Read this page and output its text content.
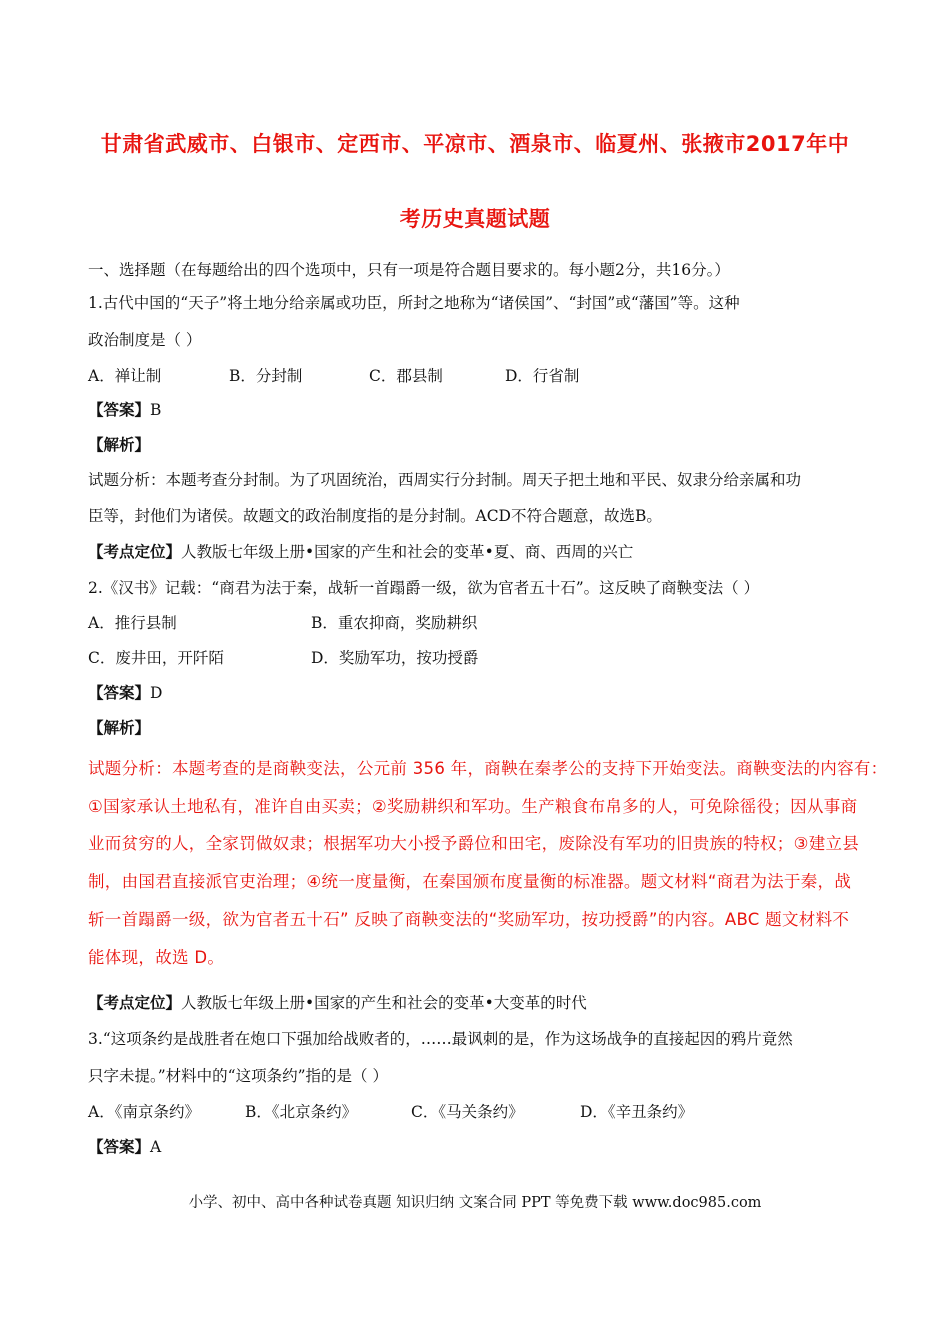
甘肃省武威市、白银市、定西市、平凉市、酒泉市、临夏州、张掖市2017年中
考历史真题试题
一、选择题（在每题给出的四个选项中，只有一项是符合题目要求的。每小题2分，共16分。）
1.古代中国的“天子”将土地分给亲属或功臣，所封之地称为“诸侯国”、“封国”或“藩国”等。这种
政治制度是（ ）
A．禅让制	B．分封制	C．郡县制	D．行省制
【答案】B
【解析】
试题分析：本题考查分封制。为了巩固统治，西周实行分封制。周天子把土地和平民、奴隶分给亲属和功
臣等，封他们为诸侯。故题文的政治制度指的是分封制。ACD不符合题意，故选B。
【考点定位】人教版七年级上册•国家的产生和社会的变革•夏、商、西周的兴亡
2.《汉书》记载：“商君为法于秦，战斩一首蹋爵一级，欲为官者五十石”。这反映了商鞅变法（ ）
A．推行县制	B．重农抑商，奖励耕织
C．废井田，开阡陌	D．奖励军功，按功授爵
【答案】D
【解析】
试题分析：本题考查的是商鞅变法，公元前 356 年，商鞅在秦孝公的支持下开始变法。商鞅变法的内容有：
①国家承认土地私有，准许自由买卖；②奖励耕织和军功。生产粮食布帛多的人，可免除徭役；因从事商
业而贫穷的人，全家罚做奴隶；根据军功大小授予爵位和田宅，废除没有军功的旧贵族的特权；③建立县
制，由国君直接派官吏治理；④统一度量衡，在秦国颁布度量衡的标准器。题文材料“商君为法于秦，战
斩一首蹋爵一级，欲为官者五十石” 反映了商鞅变法的“奖励军功，按功授爵”的内容。ABC 题文材料不
能体现，故选 D。
【考点定位】人教版七年级上册•国家的产生和社会的变革•大变革的时代
3.“这项条约是战胜者在炮口下强加给战败者的，……最讽刺的是，作为这场战争的直接起因的鸦片竟然
只字未提。”材料中的“这项条约”指的是（ ）
A．《南京条约》	B．《北京条约》	C．《马关条约》	D．《辛丑条约》
【答案】A
小学、初中、高中各种试卷真题 知识归纳 文案合同 PPT 等免费下载 www.doc985.com
